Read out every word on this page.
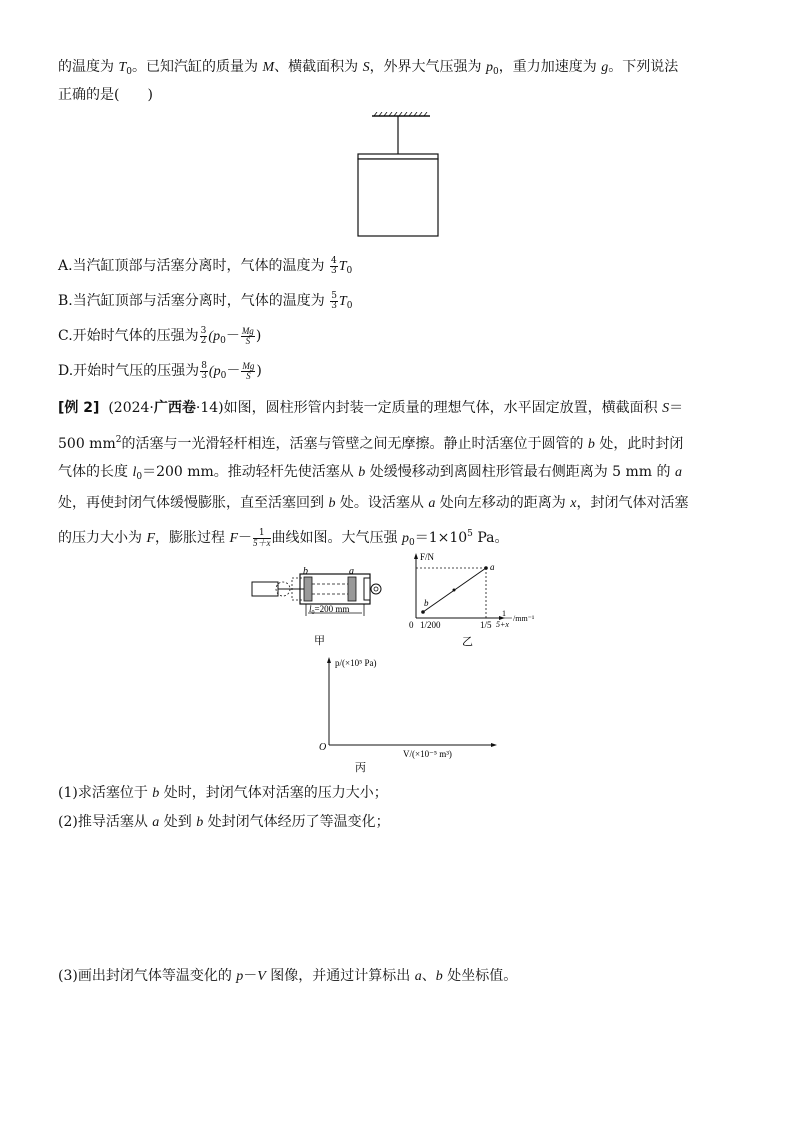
的温度为 $T_0$。已知汽缸的质量为 M、横截面积为 S，外界大气压强为 $p_0$，重力加速度为 g。下列说法
正确的是(　　)
A.当汽缸顶部与活塞分离时，气体的温度为 $\frac{4}{3} T_0$
B.当汽缸顶部与活塞分离时，气体的温度为 $\frac{5}{3} T_0$
C.开始时气体的压强为 $\frac{3}{2} (p_0- \frac{Mg}{S}$ )
D.开始时气压的压强为 $\frac{8}{3} (p_0- \frac{Mg}{S}$ )
[例 2] (2024·广西卷·14)如图，圆柱形管内封装一定质量的理想气体，水平固定放置，横截面积 S＝
500 $mm^2$的活塞与一光滑轻杆相连，活塞与管壁之间无摩擦。静止时活塞位于圆管的 b 处，此时封闭
气体的长度 $l_0=200$ mm。推动轻杆先使活塞从 b 处缓慢移动到离圆柱形管最右侧距离为 5 mm 的 a
处，再使封闭气体缓慢膨胀，直至活塞回到 b 处。设活塞从 a 处向左移动的距离为 x，封闭气体对活塞
的压力大小为 F，膨胀过程 $F- \frac{1}{5+x}$ 曲线如图。大气压强 $p_0=1\times 10^5$ Pa。
b	a
$l_0=200$ mm
甲
F/N
a
b
0 1/200	1/5
1
5+x
/mm⁻¹
乙
p/(×10⁵ Pa)
O
V/(×10⁻⁵ m³)
丙
(1)求活塞位于 b 处时，封闭气体对活塞的压力大小；
(2)推导活塞从 a 处到 b 处封闭气体经历了等温变化；
(3)画出封闭气体等温变化的 p－V 图像，并通过计算标出 a、b 处坐标值。
